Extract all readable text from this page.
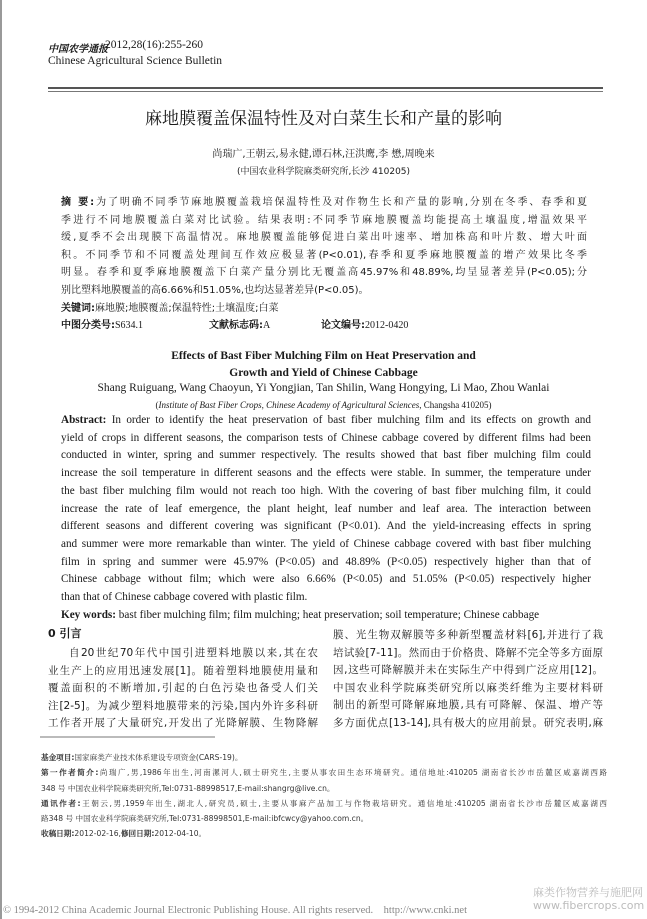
中国农学通报
2012,28(16):255-260
Chinese Agricultural Science Bulletin
麻地膜覆盖保温特性及对白菜生长和产量的影响
尚瑞广,王朝云,易永健,谭石林,汪洪鹰,李 懋,周晚来
(中国农业科学院麻类研究所,长沙 410205)
摘 要:为了明确不同季节麻地膜覆盖栽培保温特性及对作物生长和产量的影响,分别在冬季、春季和夏
季进行不同地膜覆盖白菜对比试验。结果表明:不同季节麻地膜覆盖均能提高土壤温度,增温效果平
缓,夏季不会出现膜下高温情况。麻地膜覆盖能够促进白菜出叶速率、增加株高和叶片数、增大叶面
积。不同季节和不同覆盖处理间互作效应极显著(P<0.01),春季和夏季麻地膜覆盖的增产效果比冬季
明显。春季和夏季麻地膜覆盖下白菜产量分别比无覆盖高45.97%和48.89%,均呈显著差异(P<0.05);分
别比塑料地膜覆盖的高6.66%和51.05%,也均达显著差异(P<0.05)。
关键词:麻地膜;地膜覆盖;保温特性;土壤温度;白菜
中图分类号:S634.1	文献标志码:A	论文编号:2012-0420
Effects of Bast Fiber Mulching Film on Heat Preservation and
Growth and Yield of Chinese Cabbage
Shang Ruiguang, Wang Chaoyun, Yi Yongjian, Tan Shilin, Wang Hongying, Li Mao, Zhou Wanlai
(Institute of Bast Fiber Crops, Chinese Academy of Agricultural Sciences, Changsha 410205)
Abstract: In order to identify the heat preservation of bast fiber mulching film and its effects on growth and
yield of crops in different seasons, the comparison tests of Chinese cabbage covered by different films had been
conducted in winter, spring and summer respectively. The results showed that bast fiber mulching film could
increase the soil temperature in different seasons and the effects were stable. In summer, the temperature under
the bast fiber mulching film would not reach too high. With the covering of bast fiber mulching film, it could
increase the rate of leaf emergence, the plant height, leaf number and leaf area. The interaction between
different seasons and different covering was significant (P<0.01). And the yield-increasing effects in spring
and summer were more remarkable than winter. The yield of Chinese cabbage covered with bast fiber mulching
film in spring and summer were 45.97% (P<0.05) and 48.89% (P<0.05) respectively higher than that of
Chinese cabbage without film; which were also 6.66% (P<0.05) and 51.05% (P<0.05) respectively higher
than that of Chinese cabbage covered with plastic film.
Key words: bast fiber mulching film; film mulching; heat preservation; soil temperature; Chinese cabbage
0 引言
自20世纪70年代中国引进塑料地膜以来,其在农
业生产上的应用迅速发展[1]。随着塑料地膜使用量和
覆盖面积的不断增加,引起的白色污染也备受人们关
注[2-5]。为减少塑料地膜带来的污染,国内外许多科研
工作者开展了大量研究,开发出了光降解膜、生物降解
膜、光生物双解膜等多种新型覆盖材料[6],并进行了栽
培试验[7-11]。然而由于价格贵、降解不完全等多方面原
因,这些可降解膜并未在实际生产中得到广泛应用[12]。
中国农业科学院麻类研究所以麻类纤维为主要材料研
制出的新型可降解麻地膜,具有可降解、保温、增产等
多方面优点[13-14],具有极大的应用前景。研究表明,麻
基金项目:国家麻类产业技术体系建设专项资金(CARS-19)。
第一作者简介:尚瑞广,男,1986年出生,河南漯河人,硕士研究生,主要从事农田生态环境研究。通信地址:410205 湖南省长沙市岳麓区咸嘉湖西路
348 号 中国农业科学院麻类研究所,Tel:0731-88998517,E-mail:shangrg@live.cn。
通讯作者:王朝云,男,1959年出生,湖北人,研究员,硕士,主要从事麻产品加工与作物栽培研究。通信地址:410205 湖南省长沙市岳麓区咸嘉湖西
路348 号 中国农业科学院麻类研究所,Tel:0731-88998501,E-mail:ibfcwcy@yahoo.com.cn。
收稿日期:2012-02-16,修回日期:2012-04-10。
© 1994-2012 China Academic Journal Electronic Publishing House. All rights reserved. http://www.cnki.net
麻类作物营养与施肥网
www.fibercrops.com
